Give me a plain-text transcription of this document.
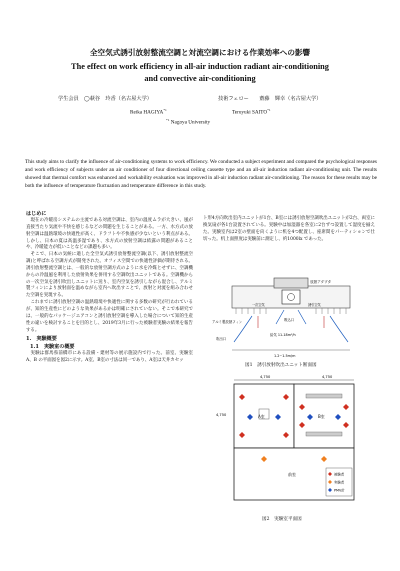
全空気式誘引放射整流空調と対流空調における作業効率への影響
The effect on work efficiency in all-air induction radiant air-conditioning
and convective air-conditioning
学生会員　◯萩谷　玲香（名古屋大学）	技術フェロー　　齋藤　輝幸（名古屋大学）
Reika HAGIYA$^{*1}$	Teruyuki SAITO$^{*1}$
$^{*1}$ Nagoya University
This study aims to clarify the influence of air-conditioning systems to work efficiency. We conducted a subject experiment and compared the psychological responses and work efficiency of subjects under an air conditioner of four directional ceiling cassette type and an all-air induction radiant air-conditioning unit. The results showed that thermal comfort was enhanced and workability evaluation was improved in all-air induction radiant air-conditioning. The reason for these results may be both the influence of temperature fluctuation and temperature difference in this study.
はじめに

現在の冷暖房システムの主流である対流空調は、室内の温度ムラが大きい、風が直接当たり気流や不快を感じるなどの問題を生じることがある。一方、水方式の放射空調は温熱環境の快適性が高く、ドラフトや不快感が少ないという利点がある。しかし、日本の夏は高温多湿であり、水方式の放射空調は結露の問題があることや、冷暖能力が低いことなどの課題も多い。

そこで、日本の気候に適した全空気式誘引放射整流空調(以下、誘引放射整流空調)と呼ばれる空調方式が開発された。オフィス空間での快適性評価が期待される。誘引放射整流空調とは、一般的な放射空調方式のように水を冷媒とせずに、空調機からの冷温風を利用した放射効果を併用する空調吹出ユニットである。空調機からの一次空気を誘引吹出しユニットに送り、室内空気を誘引しながら混合し、アルミ製フィンにより放射面を温めながら室内へ吹出すことで、放射と対流を組み合わせた空調を実現する。

これまでに誘引放射空調の温熱環境や快適性に関する多数の研究が行われているが、知的生産性にどのような効果があるかは明確にされていない。そこで本研究では、一般的なパッケージエアコンと誘引放射空調を導入した場合について知的生産性の違いを検討することを目的とし、2019年3月に行った被験者実験の結果を報告する。

1.　実験概要
1.1　実験室の概要

実験は群馬県前橋市にある設備・建材等の展示施設内で行った。前室、実験室A、B の平面図を図2に示す。A室、B室の寸法は同一であり、A室は天井カセッ

ト形4方向吹出室内ユニットが1台、B室には誘引放射空調吹出ユニットが2台、両室に換気扇が各1台設置されている。実験中は加湿器を各室に2台ずつ設置して湿度を揃えた。実験室内は2室の壁面を向くように机を4つ配置し、座席間をパーティションで仕切った。机上面照度は実験前に測定し、約1000lx であった。

放熱アダプタ
アルミ製放熱フィン
吹出口
吸込口
一次空気	誘引空気
給気 11-18m³/h
1.2~1.5m/m
図1　誘引放射吹出ユニット断面図
4,750	4,750
4,750	A室	B室
前室	被験者
実験者
PMV計
図2　実験室平面図
